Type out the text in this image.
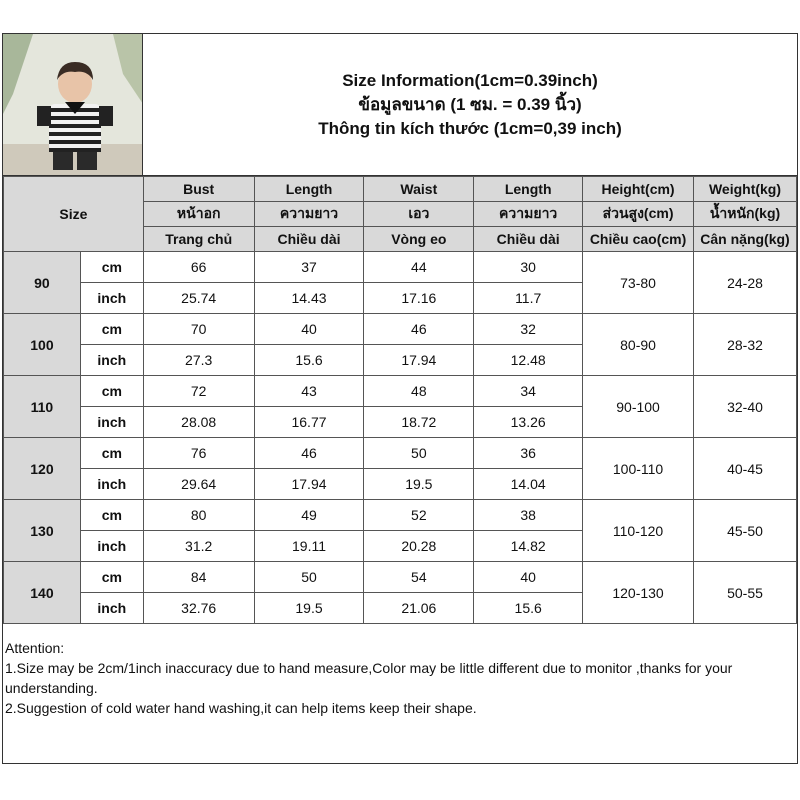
Size Information(1cm=0.39inch)
ข้อมูลขนาด (1 ซม. = 0.39 นิ้ว)
Thông tin kích thước (1cm=0,39 inch)
Size		Bust	Length	Waist	Length	Height(cm)	Weight(kg)
		หน้าอก	ความยาว	เอว	ความยาว	ส่วนสูง(cm)	น้ำหนัก(kg)
		Trang chủ	Chiều dài	Vòng eo	Chiều dài	Chiều cao(cm)	Cân nặng(kg)
90	cm	66	37	44	30	73-80	24-28
	inch	25.74	14.43	17.16	11.7		
100	cm	70	40	46	32	80-90	28-32
	inch	27.3	15.6	17.94	12.48		
110	cm	72	43	48	34	90-100	32-40
	inch	28.08	16.77	18.72	13.26		
120	cm	76	46	50	36	100-110	40-45
	inch	29.64	17.94	19.5	14.04		
130	cm	80	49	52	38	110-120	45-50
	inch	31.2	19.11	20.28	14.82		
140	cm	84	50	54	40	120-130	50-55
	inch	32.76	19.5	21.06	15.6		

Attention:

1.Size may be 2cm/1inch inaccuracy due to hand measure,Color may be little different due to monitor ,thanks for your understanding.

2.Suggestion of cold water hand washing,it can help items keep their shape.
